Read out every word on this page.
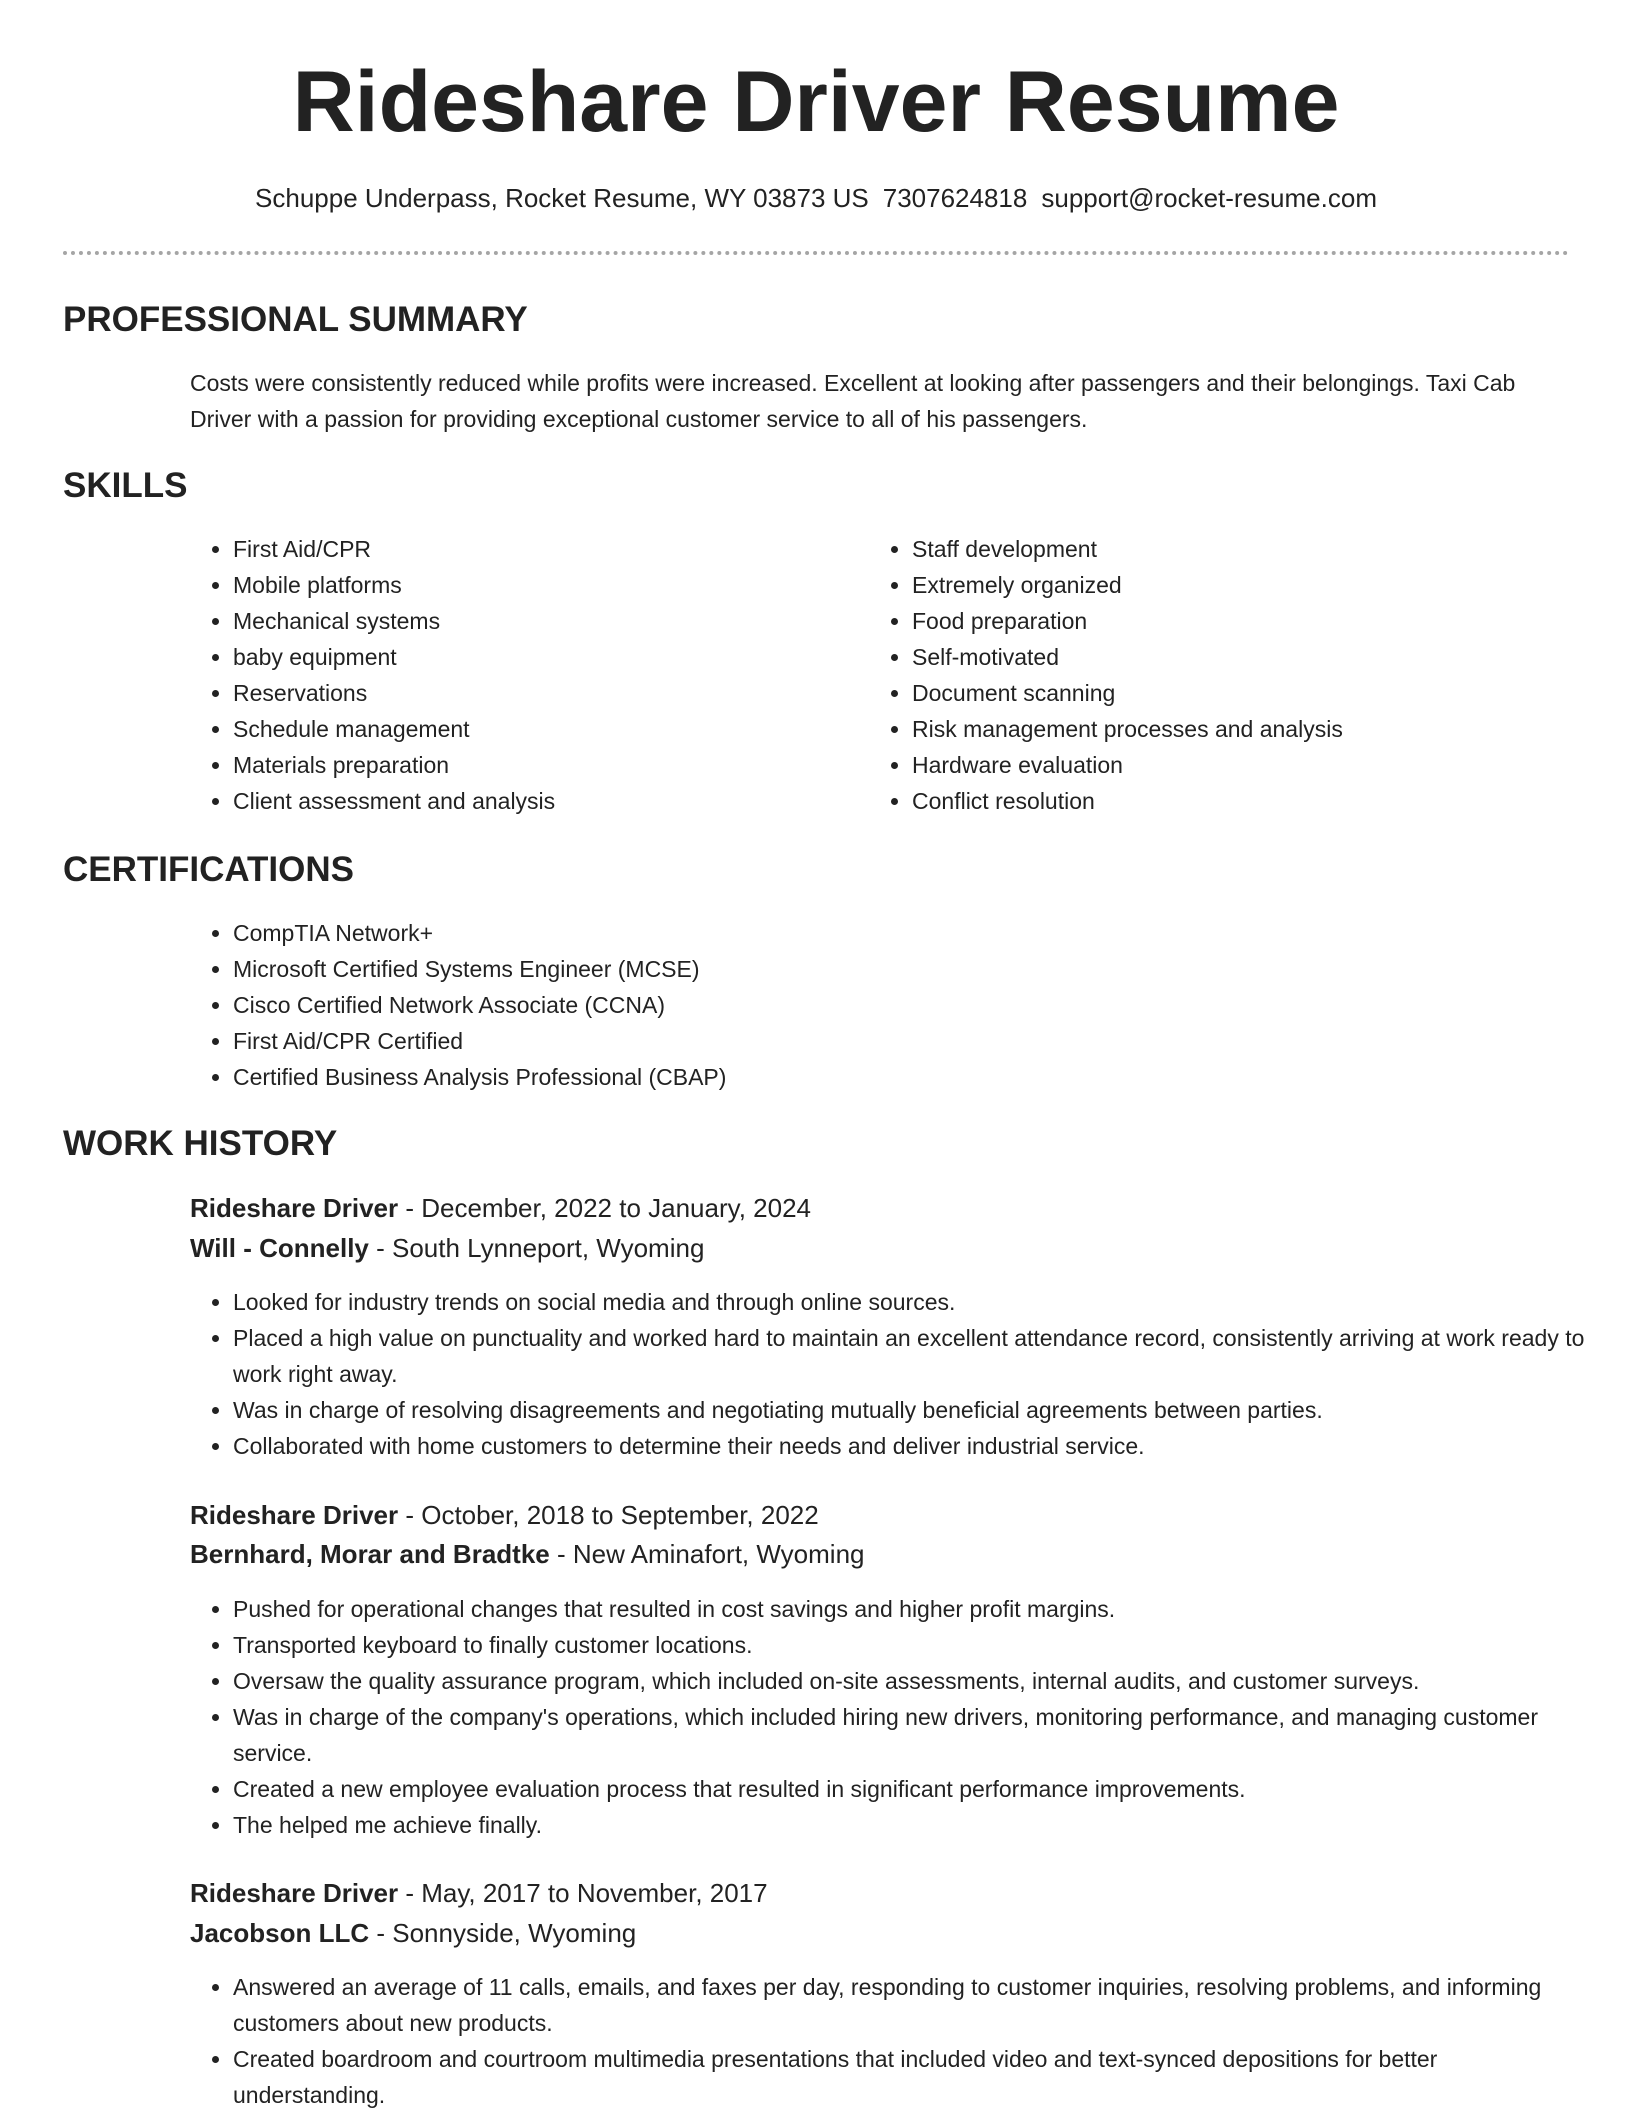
Rideshare Driver Resume
Schuppe Underpass, Rocket Resume, WY 03873 US 7307624818 support@rocket-resume.com
PROFESSIONAL SUMMARY

Costs were consistently reduced while profits were increased. Excellent at looking after passengers and their belongings. Taxi Cab Driver with a passion for providing exceptional customer service to all of his passengers.

SKILLS
• First Aid/CPR
• Mobile platforms
• Mechanical systems
• baby equipment
• Reservations
• Schedule management
• Materials preparation
• Client assessment and analysis
• Staff development
• Extremely organized
• Food preparation
• Self-motivated
• Document scanning
• Risk management processes and analysis
• Hardware evaluation
• Conflict resolution
CERTIFICATIONS
• CompTIA Network+
• Microsoft Certified Systems Engineer (MCSE)
• Cisco Certified Network Associate (CCNA)
• First Aid/CPR Certified
• Certified Business Analysis Professional (CBAP)
WORK HISTORY
Rideshare Driver - December, 2022 to January, 2024
Will - Connelly - South Lynneport, Wyoming
• Looked for industry trends on social media and through online sources.
• Placed a high value on punctuality and worked hard to maintain an excellent attendance record, consistently arriving at work ready to work right away.
• Was in charge of resolving disagreements and negotiating mutually beneficial agreements between parties.
• Collaborated with home customers to determine their needs and deliver industrial service.
Rideshare Driver - October, 2018 to September, 2022
Bernhard, Morar and Bradtke - New Aminafort, Wyoming
• Pushed for operational changes that resulted in cost savings and higher profit margins.
• Transported keyboard to finally customer locations.
• Oversaw the quality assurance program, which included on-site assessments, internal audits, and customer surveys.
• Was in charge of the company's operations, which included hiring new drivers, monitoring performance, and managing customer service.
• Created a new employee evaluation process that resulted in significant performance improvements.
• The helped me achieve finally.
Rideshare Driver - May, 2017 to November, 2017
Jacobson LLC - Sonnyside, Wyoming
• Answered an average of 11 calls, emails, and faxes per day, responding to customer inquiries, resolving problems, and informing customers about new products.
• Created boardroom and courtroom multimedia presentations that included video and text-synced depositions for better understanding.
